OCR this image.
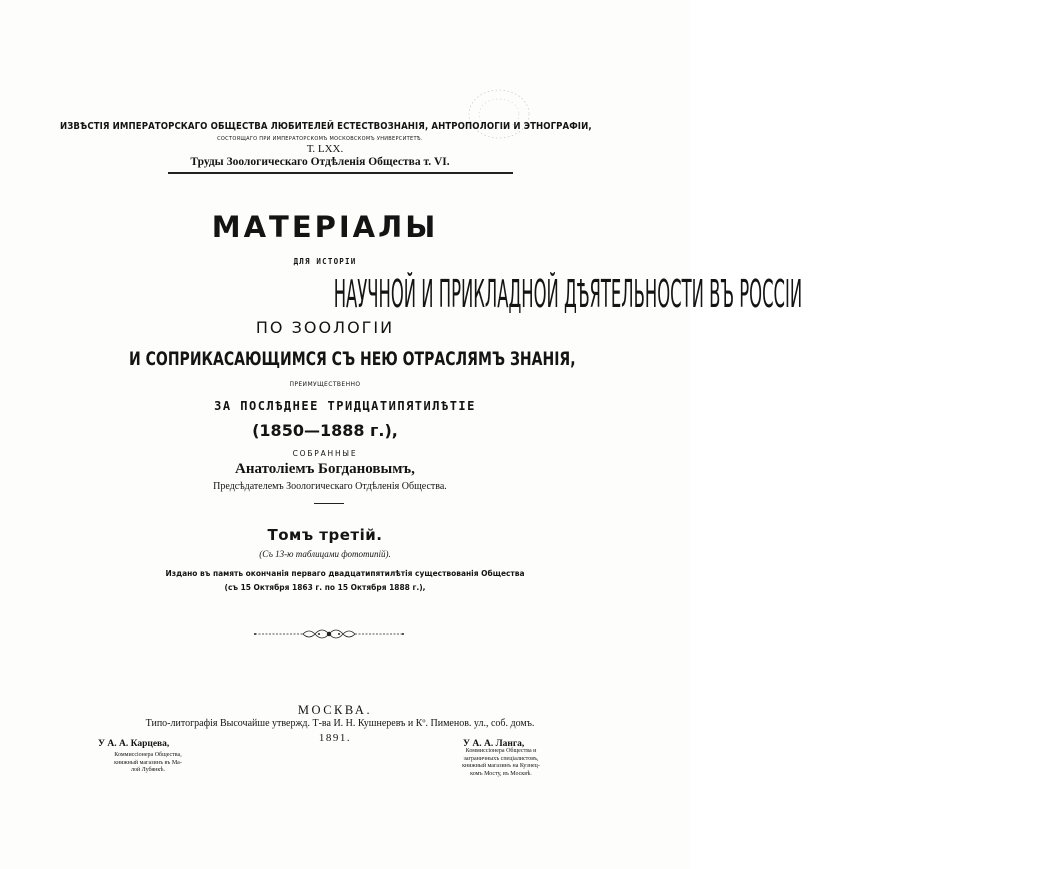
ИЗВѢСТІЯ ИМПЕРАТОРСКАГО ОБЩЕСТВА ЛЮБИТЕЛЕЙ ЕСТЕСТВОЗНАНІЯ, АНТРОПОЛОГІИ И ЭТНОГРАФІИ,
СОСТОЯЩАГО ПРИ ИМПЕРАТОРСКОМЪ МОСКОВСКОМЪ УНИВЕРСИТЕТѢ.
Т. LXX.
Труды Зоологическаго Отдѣленія Общества т. VI.
МАТЕРІАЛЫ
ДЛЯ ИСТОРІИ
НАУЧНОЙ И ПРИКЛАДНОЙ ДѢЯТЕЛЬНОСТИ ВЪ РОССІИ
ПО ЗООЛОГІИ
И СОПРИКАСАЮЩИМСЯ СЪ НЕЮ ОТРАСЛЯМЪ ЗНАНІЯ,
ПРЕИМУЩЕСТВЕННО
ЗА ПОСЛѢДНЕЕ ТРИДЦАТИПЯТИЛѢТІЕ
(1850—1888 г.),
СОБРАННЫЕ
Анатоліемъ Богдановымъ,
Предсѣдателемъ Зоологическаго Отдѣленія Общества.
Томъ третій.
(Съ 13-ю таблицами фототипій).
Издано въ память окончанія перваго двадцатипятилѣтія существованія Общества
(съ 15 Октября 1863 г. по 15 Октября 1888 г.),
МОСКВА.
Типо-литографія Высочайше утвержд. Т-ва И. Н. Кушнеревъ и Кº. Пименов. ул., соб. домъ.
1891.
У А. А. Карцева,
Коммиссіонера Общества,
книжный магазинъ въ Ма-
лой Лубянкѣ.
У А. А. Ланга,
Коммиссіонера Общества и
заграничныхъ спеціалистовъ,
книжный магазинъ на Кузнец-
комъ Мосту, въ Москвѣ.
